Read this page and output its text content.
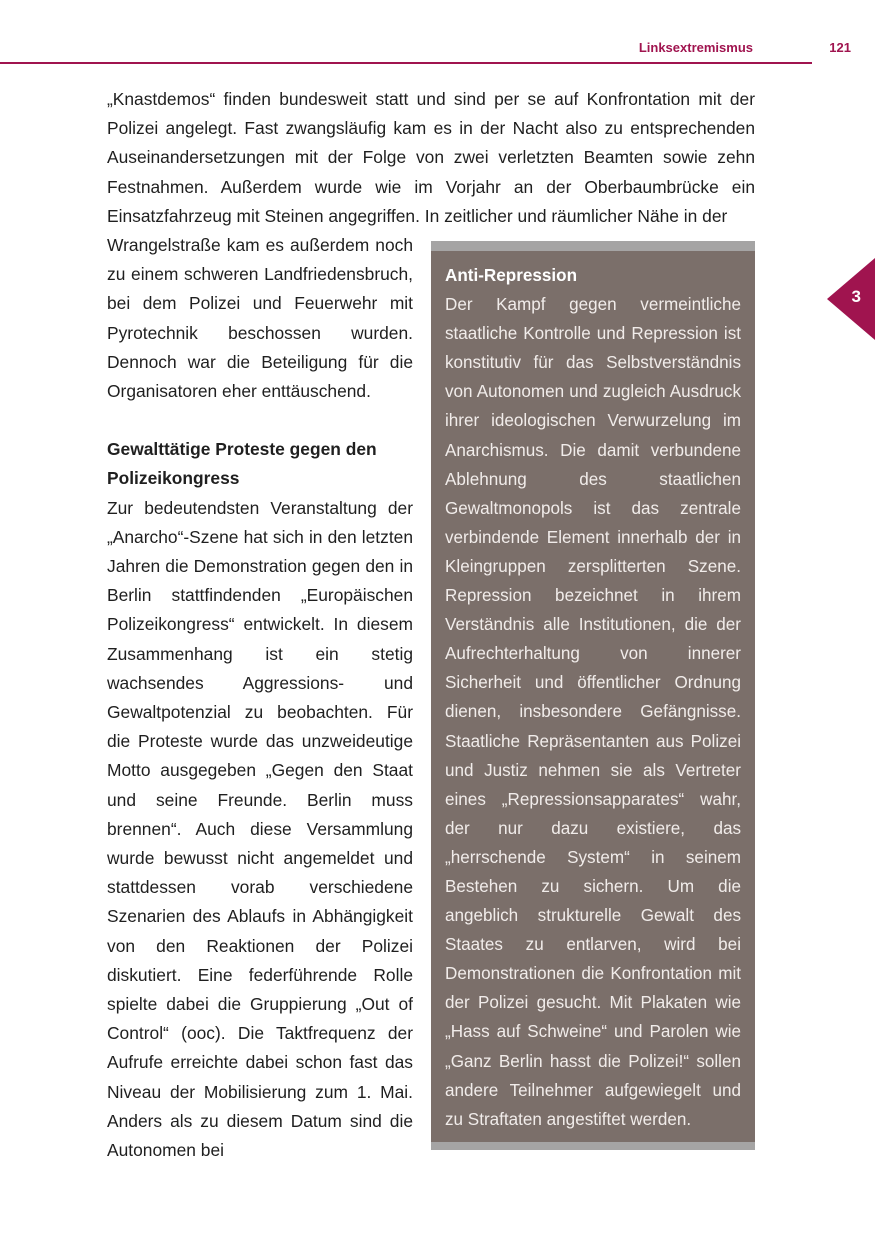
Linksextremismus	121
3
„Knastdemos“ finden bundesweit statt und sind per se auf Konfrontation mit der Polizei angelegt. Fast zwangsläufig kam es in der Nacht also zu entsprechenden Auseinandersetzungen mit der Folge von zwei verletzten Beamten sowie zehn Festnahmen. Außerdem wurde wie im Vorjahr an der Oberbaumbrücke ein Einsatzfahrzeug mit Steinen angegriffen. In zeitlicher und räumlicher Nähe in der

Wrangelstraße kam es außerdem noch zu einem schweren Landfriedensbruch, bei dem Polizei und Feuerwehr mit Pyrotechnik beschossen wurden. Dennoch war die Beteiligung für die Organisatoren eher enttäuschend.

Gewalttätige Proteste gegen den Polizeikongress

Zur bedeutendsten Veranstaltung der „Anarcho“-Szene hat sich in den letzten Jahren die Demonstration gegen den in Berlin stattfindenden „Europäischen Polizeikongress“ entwickelt. In diesem Zusammenhang ist ein stetig wachsendes Aggressions- und Gewaltpotenzial zu beobachten. Für die Proteste wurde das unzweideutige Motto ausgegeben „Gegen den Staat und seine Freunde. Berlin muss brennen“. Auch diese Versammlung wurde bewusst nicht angemeldet und stattdessen vorab verschiedene Szenarien des Ablaufs in Abhängigkeit von den Reaktionen der Polizei diskutiert. Eine federführende Rolle spielte dabei die Gruppierung „Out of Control“ (ooc). Die Taktfrequenz der Aufrufe erreichte dabei schon fast das Niveau der Mobilisierung zum 1. Mai. Anders als zu diesem Datum sind die Autonomen bei

Anti-Repression

Der Kampf gegen vermeintliche staatliche Kontrolle und Repression ist konstitutiv für das Selbstverständnis von Autonomen und zugleich Ausdruck ihrer ideologischen Verwurzelung im Anarchismus. Die damit verbundene Ablehnung des staatlichen Gewaltmonopols ist das zentrale verbindende Element innerhalb der in Kleingruppen zersplitterten Szene. Repression bezeichnet in ihrem Verständnis alle Institutionen, die der Aufrechterhaltung von innerer Sicherheit und öffentlicher Ordnung dienen, insbesondere Gefängnisse. Staatliche Repräsentanten aus Polizei und Justiz nehmen sie als Vertreter eines „Repressionsapparates“ wahr, der nur dazu existiere, das „herrschende System“ in seinem Bestehen zu sichern. Um die angeblich strukturelle Gewalt des Staates zu entlarven, wird bei Demonstrationen die Konfrontation mit der Polizei gesucht. Mit Plakaten wie „Hass auf Schweine“ und Parolen wie „Ganz Berlin hasst die Polizei!“ sollen andere Teilnehmer aufgewiegelt und zu Straftaten angestiftet werden.
